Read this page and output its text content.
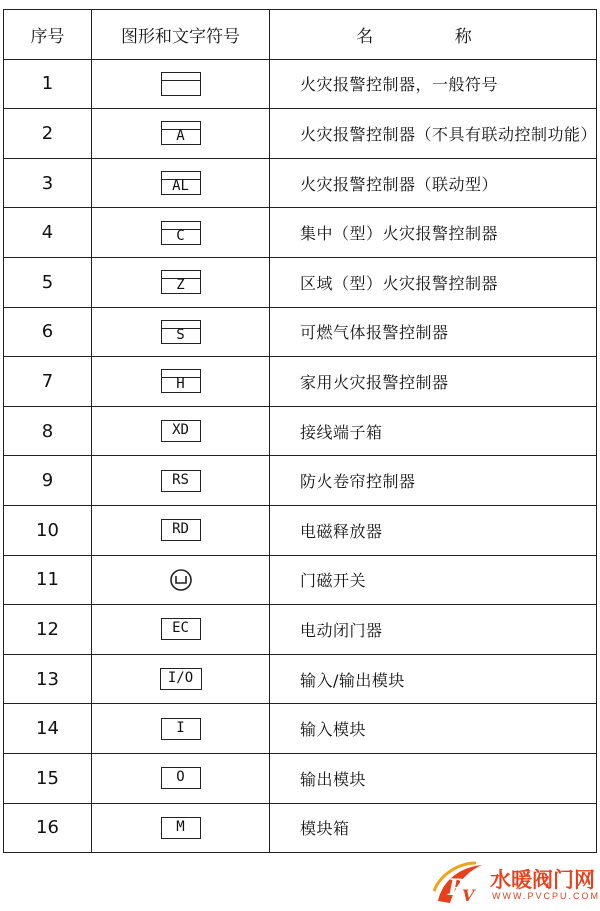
序号	图形和文字符号	名 称
1		火灾报警控制器，一般符号
2	A	火灾报警控制器（不具有联动控制功能）
3	AL	火灾报警控制器（联动型）
4	C	集中（型）火灾报警控制器
5	Z	区域（型）火灾报警控制器
6	S	可燃气体报警控制器
7	H	家用火灾报警控制器
8	XD	接线端子箱
9	RS	防火卷帘控制器
10	RD	电磁释放器
11		门磁开关
12	EC	电动闭门器
13	I/O	输入/输出模块
14	I	输入模块
15	O	输出模块
16	M	模块箱
P
V
水暖阀门网
WWW.PVCPU.COM
